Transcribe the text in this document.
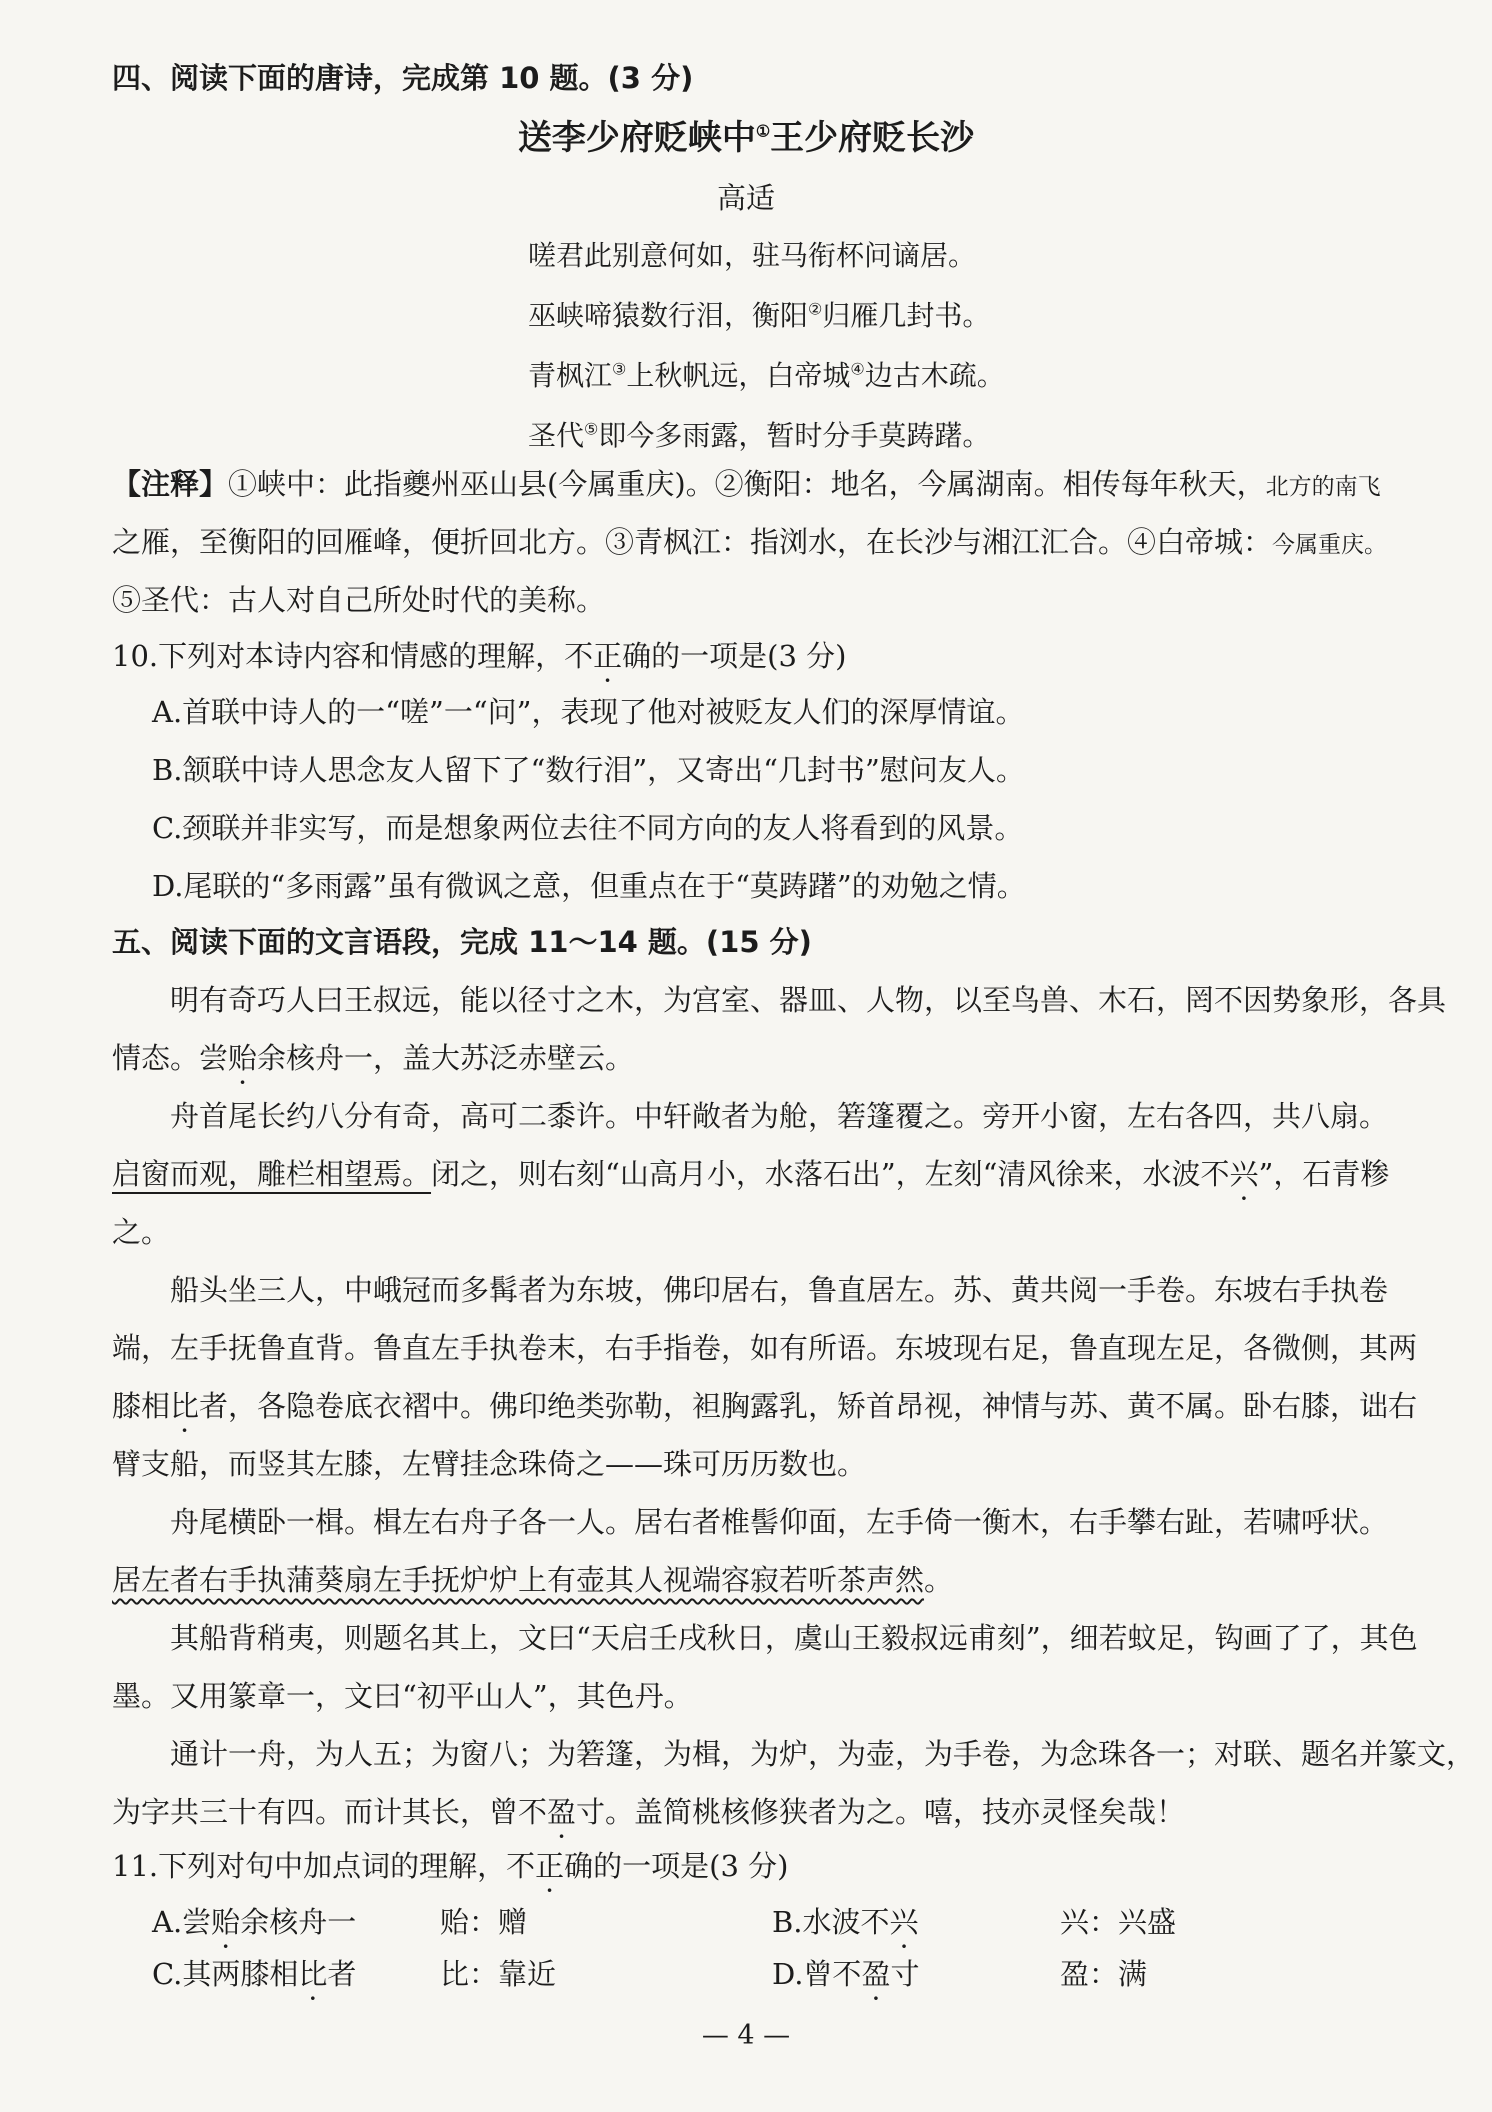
四、阅读下面的唐诗，完成第 10 题。(3 分)
送李少府贬峡中①王少府贬长沙
高适
嗟君此别意何如，驻马衔杯问谪居。
巫峡啼猿数行泪，衡阳②归雁几封书。
青枫江③上秋帆远，白帝城④边古木疏。
圣代⑤即今多雨露，暂时分手莫踌躇。
【注释】①峡中：此指夔州巫山县(今属重庆)。②衡阳：地名，今属湖南。相传每年秋天，北方的南飞
之雁，至衡阳的回雁峰，便折回北方。③青枫江：指浏水，在长沙与湘江汇合。④白帝城：今属重庆。
⑤圣代：古人对自己所处时代的美称。
10.下列对本诗内容和情感的理解，不正确的一项是(3 分)
A.首联中诗人的一“嗟”一“问”，表现了他对被贬友人们的深厚情谊。
B.颔联中诗人思念友人留下了“数行泪”，又寄出“几封书”慰问友人。
C.颈联并非实写，而是想象两位去往不同方向的友人将看到的风景。
D.尾联的“多雨露”虽有微讽之意，但重点在于“莫踌躇”的劝勉之情。
五、阅读下面的文言语段，完成 11～14 题。(15 分)
明有奇巧人曰王叔远，能以径寸之木，为宫室、器皿、人物，以至鸟兽、木石，罔不因势象形，各具
情态。尝贻余核舟一，盖大苏泛赤壁云。
舟首尾长约八分有奇，高可二黍许。中轩敞者为舱，箬篷覆之。旁开小窗，左右各四，共八扇。
启窗而观，雕栏相望焉。闭之，则右刻“山高月小，水落石出”，左刻“清风徐来，水波不兴”，石青糁
之。
船头坐三人，中峨冠而多髯者为东坡，佛印居右，鲁直居左。苏、黄共阅一手卷。东坡右手执卷
端，左手抚鲁直背。鲁直左手执卷末，右手指卷，如有所语。东坡现右足，鲁直现左足，各微侧，其两
膝相比者，各隐卷底衣褶中。佛印绝类弥勒，袒胸露乳，矫首昂视，神情与苏、黄不属。卧右膝，诎右
臂支船，而竖其左膝，左臂挂念珠倚之——珠可历历数也。
舟尾横卧一楫。楫左右舟子各一人。居右者椎髻仰面，左手倚一衡木，右手攀右趾，若啸呼状。
居左者右手执蒲葵扇左手抚炉炉上有壶其人视端容寂若听茶声然。
其船背稍夷，则题名其上，文曰“天启壬戌秋日，虞山王毅叔远甫刻”，细若蚊足，钩画了了，其色
墨。又用篆章一，文曰“初平山人”，其色丹。
通计一舟，为人五；为窗八；为箬篷，为楫，为炉，为壶，为手卷，为念珠各一；对联、题名并篆文，
为字共三十有四。而计其长，曾不盈寸。盖简桃核修狭者为之。嘻，技亦灵怪矣哉！
11.下列对句中加点词的理解，不正确的一项是(3 分)
A.尝贻余核舟一	贻：赠	B.水波不兴	兴：兴盛
C.其两膝相比者	比：靠近	D.曾不盈寸	盈：满
— 4 —
